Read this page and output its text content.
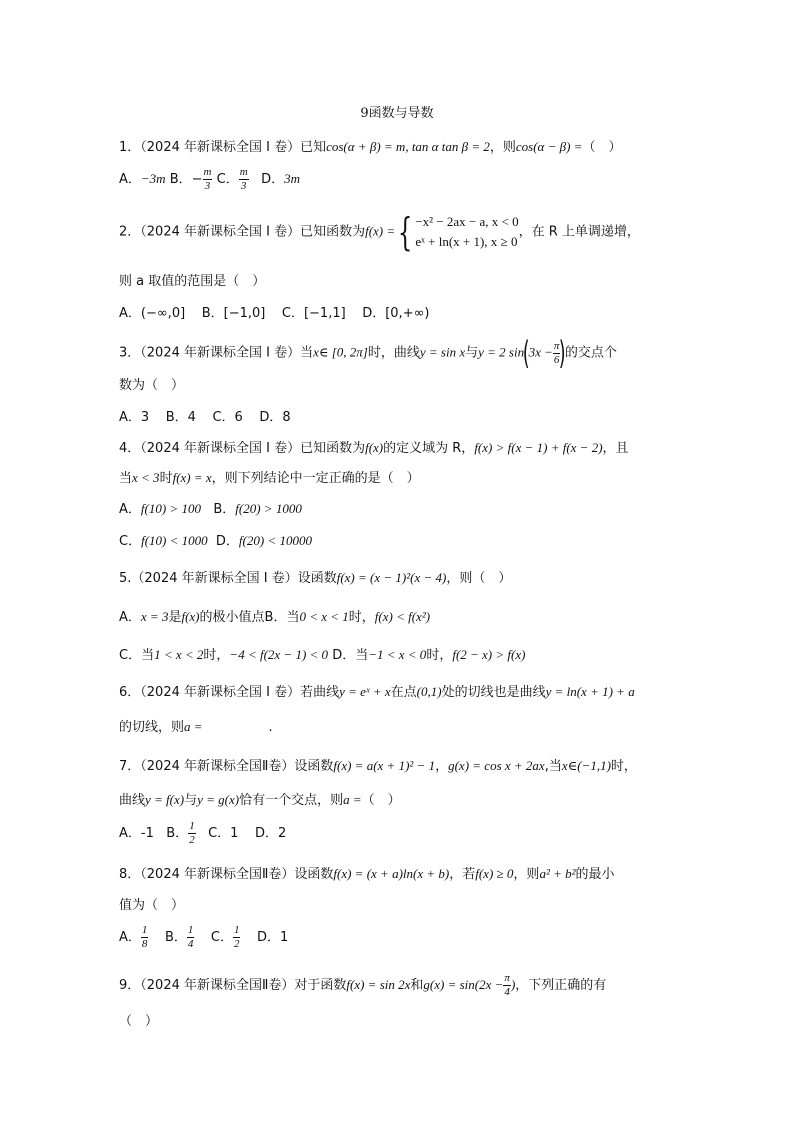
9函数与导数
1．（2024 年新课标全国 I 卷）已知cos(α + β) = m, tan α tan β = 2，则cos(α − β) =（　）
A．−3m B．− $\frac{m}{3}$ C． $\frac{m}{3}$ D．3m
2．（2024 年新课标全国 I 卷）已知函数为f(x) ={ −x² − 2ax − a, x < 0
eˣ + ln(x + 1), x ≥ 0
，在 R 上单调递增，
则 a 取值的范围是（　）
A．(−∞,0] B．[−1,0] C．[−1,1] D．[0,+∞)
3．（2024 年新课标全国 I 卷）当x∈ [0, 2π]时，曲线y = sin x与y = 2 $\sin(3x - \frac{\pi}{6}$
)的交点个
数为（　）
A．3 B．4 C．6 D．8
4．（2024 年新课标全国 I 卷）已知函数为f(x)的定义域为 R，f(x) > f(x − 1) + f(x − 2)，且
当x < 3时f(x) = x，则下列结论中一定正确的是（　）
A．f(10) > 100 B．f(20) > 1000
C．f(10) < 1000 D．f(20) < 10000
5.（2024 年新课标全国 I 卷）设函数f(x) = (x − 1)²(x − 4)，则（　）
A．x = 3是f(x)的极小值点B．当0 < x < 1时，f(x) < f(x²)
C．当1 < x < 2时，−4 < f(2x − 1) < 0 D．当−1 < x < 0时，f(2 − x) > f(x)
6．（2024 年新课标全国 I 卷）若曲线y = eˣ + x在点(0,1)处的切线也是曲线y = ln(x + 1) + a
的切线，则a =	.
7．（2024 年新课标全国Ⅱ卷）设函数f(x) = a(x + 1)² − 1，g(x) = cos x + 2ax,当x∈(−1,1)时，
曲线y = f(x)与y = g(x)恰有一个交点，则a =（　）
A．-1 B． $\frac{1}{2}$ C．1 D．2
8．（2024 年新课标全国Ⅱ卷）设函数f(x) = (x + a)ln(x + b)，若f(x) ≥ 0，则a² + b²的最小
值为（　）
A． $\frac{1}{8}$ B． $\frac{1}{4}$ C． $\frac{1}{2}$ D．1
9．（2024 年新课标全国Ⅱ卷）对于函数f(x) = sin 2x和$g(x) = \sin(2x - \frac{\pi}{4}$ )，下列正确的有
（　）
